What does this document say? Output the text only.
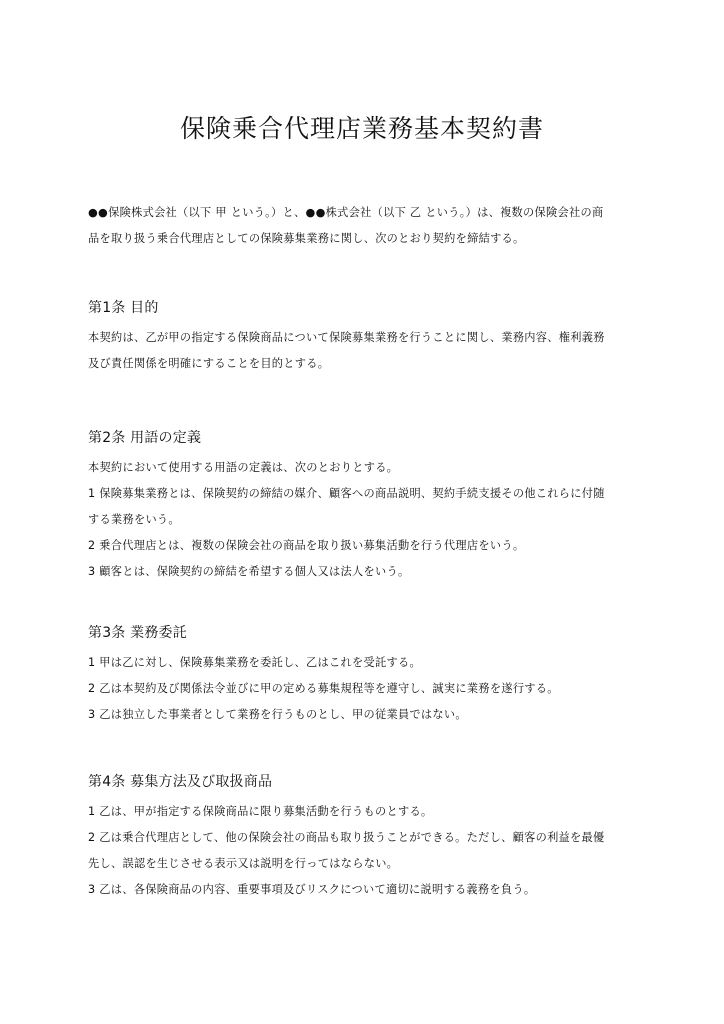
保険乗合代理店業務基本契約書

●●保険株式会社（以下 甲 という。）と、●●株式会社（以下 乙 という。）は、複数の保険会社の商

品を取り扱う乗合代理店としての保険募集業務に関し、次のとおり契約を締結する。

第1条 目的

本契約は、乙が甲の指定する保険商品について保険募集業務を行うことに関し、業務内容、権利義務

及び責任関係を明確にすることを目的とする。

第2条 用語の定義

本契約において使用する用語の定義は、次のとおりとする。

1 保険募集業務とは、保険契約の締結の媒介、顧客への商品説明、契約手続支援その他これらに付随

する業務をいう。

2 乗合代理店とは、複数の保険会社の商品を取り扱い募集活動を行う代理店をいう。

3 顧客とは、保険契約の締結を希望する個人又は法人をいう。

第3条 業務委託

1 甲は乙に対し、保険募集業務を委託し、乙はこれを受託する。

2 乙は本契約及び関係法令並びに甲の定める募集規程等を遵守し、誠実に業務を遂行する。

3 乙は独立した事業者として業務を行うものとし、甲の従業員ではない。

第4条 募集方法及び取扱商品

1 乙は、甲が指定する保険商品に限り募集活動を行うものとする。

2 乙は乗合代理店として、他の保険会社の商品も取り扱うことができる。ただし、顧客の利益を最優

先し、誤認を生じさせる表示又は説明を行ってはならない。

3 乙は、各保険商品の内容、重要事項及びリスクについて適切に説明する義務を負う。
